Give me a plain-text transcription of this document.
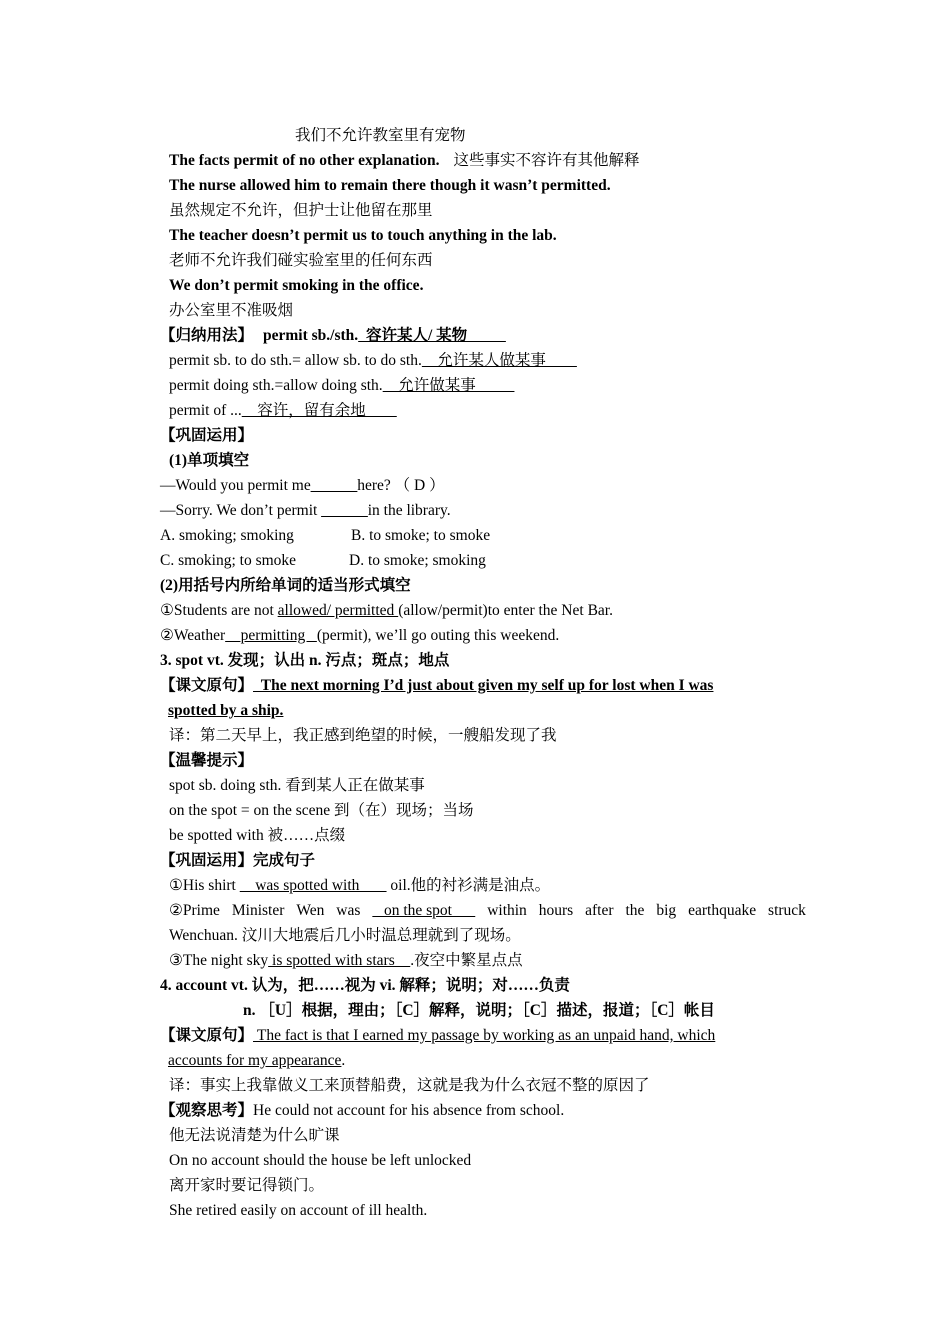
我们不允许教室里有宠物
The facts permit of no other explanation. 这些事实不容许有其他解释
The nurse allowed him to remain there though it wasn’t permitted.
虽然规定不允许，但护士让他留在那里
The teacher doesn’t permit us to touch anything in the lab.
老师不允许我们碰实验室里的任何东西
We don’t permit smoking in the office.
办公室里不准吸烟
【归纳用法】 permit sb./sth.  容许某人/ 某物
permit sb. to do sth.= allow sb. to do sth.    允许某人做某事
permit doing sth.=allow doing sth.    允许做某事
permit of ...    容许，留有余地
【巩固运用】
(1)单项填空
—Would you permit me______here? （ D ）
—Sorry. We don’t permit ______in the library.
A. smoking; smoking	B. to smoke; to smoke
C. smoking; to smoke	D. to smoke; smoking
(2)用括号内所给单词的适当形式填空
①Students are not allowed/ permitted (allow/permit)to enter the Net Bar.
②Weather    permitting   (permit), we’ll go outing this weekend.
3. spot vt. 发现；认出 n. 污点；斑点；地点
【课文原句】  The next morning I’d just about given my self up for lost when I was
spotted by a ship.
译：第二天早上，我正感到绝望的时候，一艘船发现了我
【温馨提示】
spot sb. doing sth. 看到某人正在做某事
on the spot = on the scene 到（在）现场；当场
be spotted with 被……点缀
【巩固运用】完成句子
①His shirt     was spotted with        oil.他的衬衫满是油点。
②Prime Minister Wen was on the spot within hours after the big earthquake struck
Wenchuan. 汶川大地震后几小时温总理就到了现场。
③The night sky is spotted with stars    .夜空中繁星点点
4. account vt. 认为，把……视为 vi. 解释；说明；对……负责
n. ［U］根据，理由；［C］解释，说明；［C］描述，报道；［C］帐目
【课文原句】 The fact is that I earned my passage by working as an unpaid hand, which
accounts for my appearance.
译：事实上我靠做义工来顶替船费，这就是我为什么衣冠不整的原因了
【观察思考】He could not account for his absence from school.
他无法说清楚为什么旷课
On no account should the house be left unlocked
离开家时要记得锁门。
She retired easily on account of ill health.
